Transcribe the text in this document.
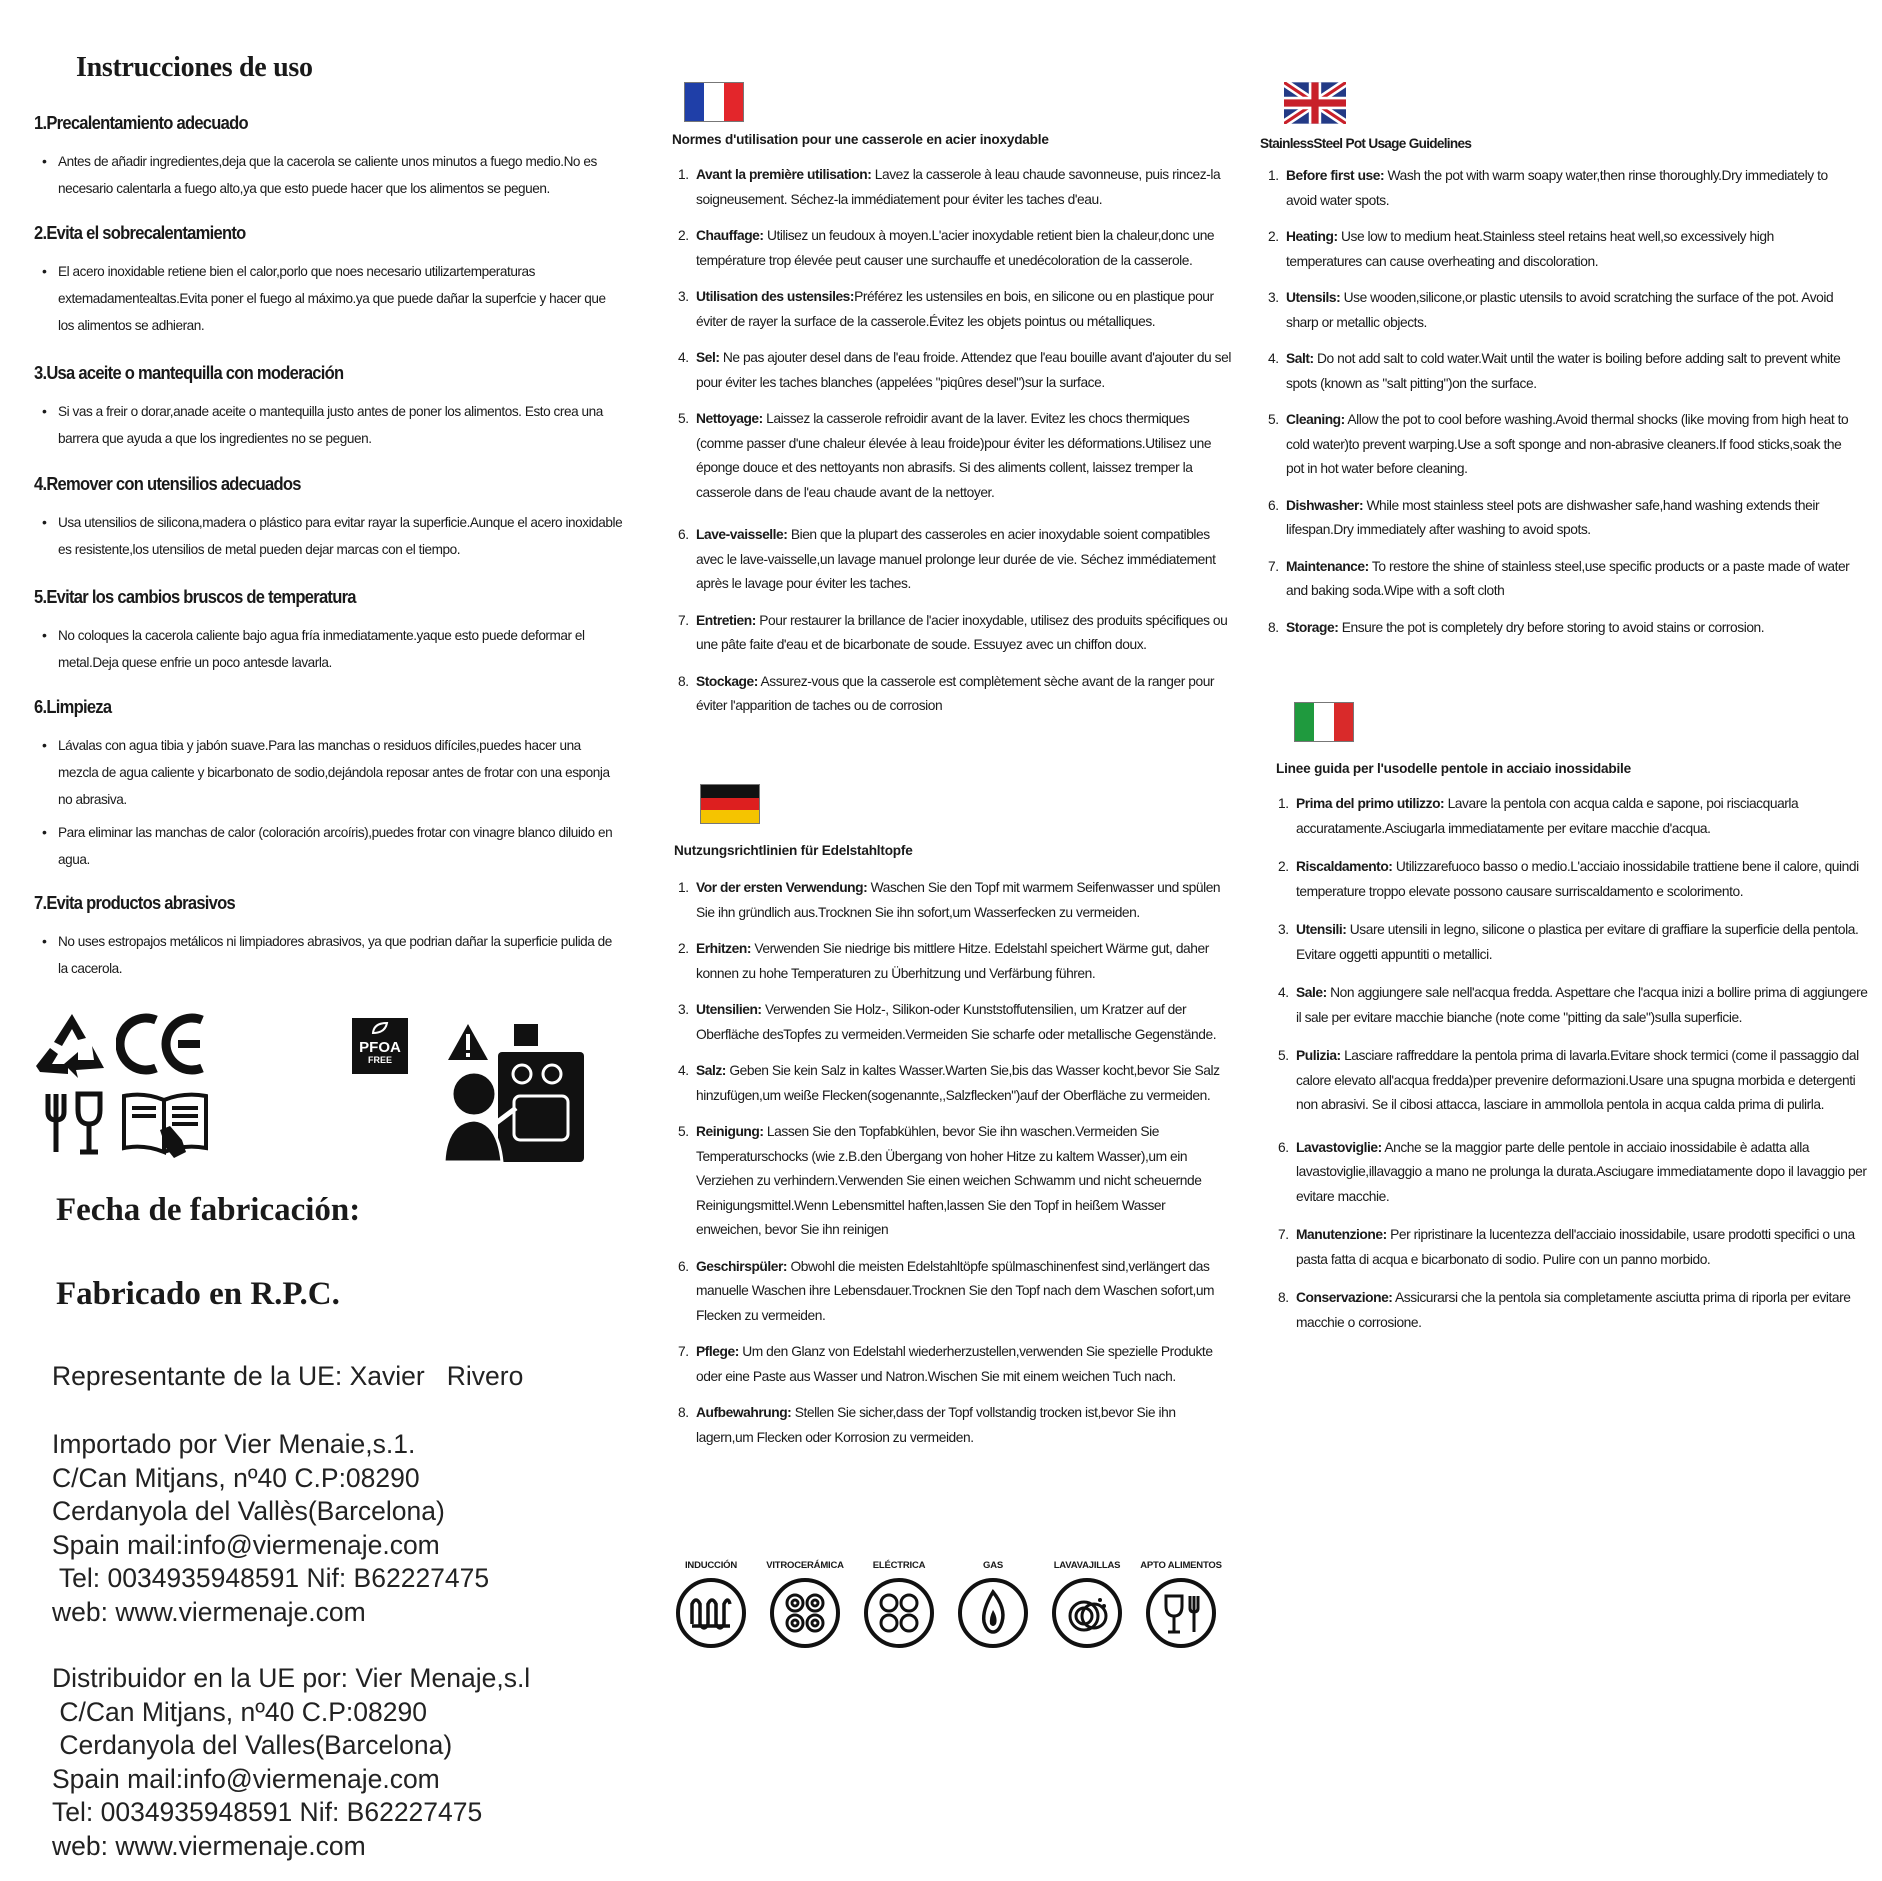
Instrucciones de uso
1.Precalentamiento adecuado
• Antes de añadir ingredientes,deja que la cacerola se caliente unos minutos a fuego medio.No es necesario calentarla a fuego alto,ya que esto puede hacer que los alimentos se peguen.
2.Evita el sobrecalentamiento
• El acero inoxidable retiene bien el calor,porlo que noes necesario utilizartemperaturas extemadamentealtas.Evita poner el fuego al máximo.ya que puede dañar la superfcie y hacer que los alimentos se adhieran.
3.Usa aceite o mantequilla con moderación
• Si vas a freir o dorar,anade aceite o mantequilla justo antes de poner los alimentos. Esto crea una barrera que ayuda a que los ingredientes no se peguen.
4.Remover con utensilios adecuados
• Usa utensilios de silicona,madera o plástico para evitar rayar la superficie.Aunque el acero inoxidable es resistente,los utensilios de metal pueden dejar marcas con el tiempo.
5.Evitar los cambios bruscos de temperatura
• No coloques la cacerola caliente bajo agua fría inmediatamente.yaque esto puede deformar el metal.Deja quese enfrie un poco antesde lavarla.
6.Limpieza
• Lávalas con agua tibia y jabón suave.Para las manchas o residuos difíciles,puedes hacer una mezcla de agua caliente y bicarbonato de sodio,dejándola reposar antes de frotar con una esponja no abrasiva.
• Para eliminar las manchas de calor (coloración arcoíris),puedes frotar con vinagre blanco diluido en agua.
7.Evita productos abrasivos
• No uses estropajos metálicos ni limpiadores abrasivos, ya que podrian dañar la superficie pulida de la cacerola.
PFOA
FREE
Fecha de fabricación:
Fabricado en R.P.C.
Representante de la UE: Xavier   Rivero
Importado por Vier Menaie,s.1.
C/Can Mitjans, nº40 C.P:08290
Cerdanyola del Vallès(Barcelona)
Spain mail:info@viermenaje.com
Tel: 0034935948591 Nif: B62227475
web: www.viermenaje.com
Distribuidor en la UE por: Vier Menaje,s.l
C/Can Mitjans, nº40 C.P:08290
Cerdanyola del Valles(Barcelona)
Spain mail:info@viermenaje.com
Tel: 0034935948591 Nif: B62227475
web: www.viermenaje.com
Normes d'utilisation pour une casserole en acier inoxydable
1. Avant la première utilisation: Lavez la casserole à leau chaude savonneuse, puis rincez-la soigneusement. Séchez-la immédiatement pour éviter les taches d'eau.
2. Chauffage: Utilisez un feudoux à moyen.L'acier inoxydable retient bien la chaleur,donc une température trop élevée peut causer une surchauffe et unedécoloration de la casserole.
3. Utilisation des ustensiles:Préférez les ustensiles en bois, en silicone ou en plastique pour éviter de rayer la surface de la casserole.Évitez les objets pointus ou métalliques.
4. Sel: Ne pas ajouter desel dans de l'eau froide. Attendez que l'eau bouille avant d'ajouter du sel pour éviter les taches blanches (appelées "piqûres desel")sur la surface.
5. Nettoyage: Laissez la casserole refroidir avant de la laver. Evitez les chocs thermiques (comme passer d'une chaleur élevée à leau froide)pour éviter les déformations.Utilisez une éponge douce et des nettoyants non abrasifs. Si des aliments collent, laissez tremper la casserole dans de l'eau chaude avant de la nettoyer.
6. Lave-vaisselle: Bien que la plupart des casseroles en acier inoxydable soient compatibles avec le lave-vaisselle,un lavage manuel prolonge leur durée de vie. Séchez immédiatement après le lavage pour éviter les taches.
7. Entretien: Pour restaurer la brillance de l'acier inoxydable, utilisez des produits spécifiques ou une pâte faite d'eau et de bicarbonate de soude. Essuyez avec un chiffon doux.
8. Stockage: Assurez-vous que la casserole est complètement sèche avant de la ranger pour éviter l'apparition de taches ou de corrosion
Nutzungsrichtlinien für Edelstahltopfe
1. Vor der ersten Verwendung: Waschen Sie den Topf mit warmem Seifenwasser und spülen Sie ihn gründlich aus.Trocknen Sie ihn sofort,um Wasserfecken zu vermeiden.
2. Erhitzen: Verwenden Sie niedrige bis mittlere Hitze. Edelstahl speichert Wärme gut, daher konnen zu hohe Temperaturen zu Überhitzung und Verfärbung führen.
3. Utensilien: Verwenden Sie Holz-, Silikon-oder Kunststoffutensilien, um Kratzer auf der Oberfläche desTopfes zu vermeiden.Vermeiden Sie scharfe oder metallische Gegenstände.
4. Salz: Geben Sie kein Salz in kaltes Wasser.Warten Sie,bis das Wasser kocht,bevor Sie Salz hinzufügen,um weiße Flecken(sogenannte,,Salzflecken")auf der Oberfläche zu vermeiden.
5. Reinigung: Lassen Sie den Topfabkühlen, bevor Sie ihn waschen.Vermeiden Sie Temperaturschocks (wie z.B.den Übergang von hoher Hitze zu kaltem Wasser),um ein Verziehen zu verhindern.Verwenden Sie einen weichen Schwamm und nicht scheuernde Reinigungsmittel.Wenn Lebensmittel haften,lassen Sie den Topf in heißem Wasser enweichen, bevor Sie ihn reinigen
6. Geschirspüler: Obwohl die meisten Edelstahltöpfe spülmaschinenfest sind,verlängert das manuelle Waschen ihre Lebensdauer.Trocknen Sie den Topf nach dem Waschen sofort,um Flecken zu vermeiden.
7. Pflege: Um den Glanz von Edelstahl wiederherzustellen,verwenden Sie spezielle Produkte oder eine Paste aus Wasser und Natron.Wischen Sie mit einem weichen Tuch nach.
8. Aufbewahrung: Stellen Sie sicher,dass der Topf vollstandig trocken ist,bevor Sie ihn lagern,um Flecken oder Korrosion zu vermeiden.
INDUCCIÓN	VITROCERÁMICA	ELÉCTRICA	GAS	LAVAVAJILLAS	APTO ALIMENTOS
StainlessSteel Pot Usage Guidelines
1. Before first use: Wash the pot with warm soapy water,then rinse thoroughly.Dry immediately to avoid water spots.
2. Heating: Use low to medium heat.Stainless steel retains heat well,so excessively high temperatures can cause overheating and discoloration.
3. Utensils: Use wooden,silicone,or plastic utensils to avoid scratching the surface of the pot. Avoid sharp or metallic objects.
4. Salt: Do not add salt to cold water.Wait until the water is boiling before adding salt to prevent white spots (known as "salt pitting")on the surface.
5. Cleaning: Allow the pot to cool before washing.Avoid thermal shocks (like moving from high heat to cold water)to prevent warping.Use a soft sponge and non-abrasive cleaners.If food sticks,soak the pot in hot water before cleaning.
6. Dishwasher: While most stainless steel pots are dishwasher safe,hand washing extends their lifespan.Dry immediately after washing to avoid spots.
7. Maintenance: To restore the shine of stainless steel,use specific products or a paste made of water and baking soda.Wipe with a soft cloth
8. Storage: Ensure the pot is completely dry before storing to avoid stains or corrosion.
Linee guida per l'usodelle pentole in acciaio inossidabile
1. Prima del primo utilizzo: Lavare la pentola con acqua calda e sapone, poi risciacquarla accuratamente.Asciugarla immediatamente per evitare macchie d'acqua.
2. Riscaldamento: Utilizzarefuoco basso o medio.L'acciaio inossidabile trattiene bene il calore, quindi temperature troppo elevate possono causare surriscaldamento e scolorimento.
3. Utensili: Usare utensili in legno, silicone o plastica per evitare di graffiare la superficie della pentola. Evitare oggetti appuntiti o metallici.
4. Sale: Non aggiungere sale nell'acqua fredda. Aspettare che l'acqua inizi a bollire prima di aggiungere il sale per evitare macchie bianche (note come "pitting da sale")sulla superficie.
5. Pulizia: Lasciare raffreddare la pentola prima di lavarla.Evitare shock termici (come il passaggio dal calore elevato all'acqua fredda)per prevenire deformazioni.Usare una spugna morbida e detergenti non abrasivi. Se il cibosi attacca, lasciare in ammollola pentola in acqua calda prima di pulirla.
6. Lavastoviglie: Anche se la maggior parte delle pentole in acciaio inossidabile è adatta alla lavastoviglie,illavaggio a mano ne prolunga la durata.Asciugare immediatamente dopo il lavaggio per evitare macchie.
7. Manutenzione: Per ripristinare la lucentezza dell'acciaio inossidabile, usare prodotti specifici o una pasta fatta di acqua e bicarbonato di sodio. Pulire con un panno morbido.
8. Conservazione: Assicurarsi che la pentola sia completamente asciutta prima di riporla per evitare macchie o corrosione.
